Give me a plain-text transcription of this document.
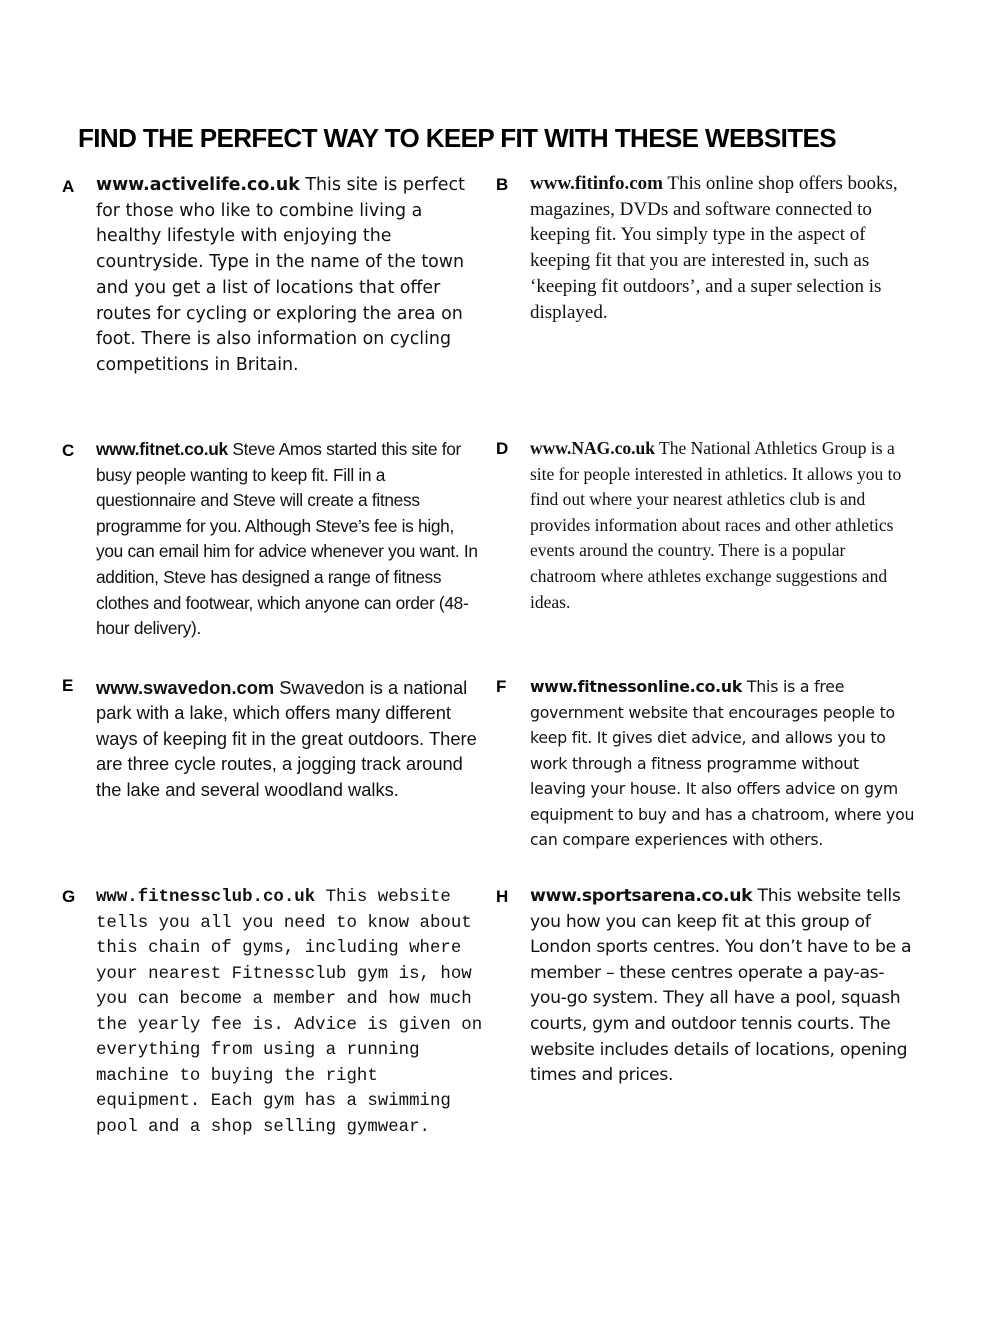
FIND THE PERFECT WAY TO KEEP FIT WITH THESE WEBSITES
A www.activelife.co.uk This site is perfect for those who like to combine living a healthy lifestyle with enjoying the countryside. Type in the name of the town and you get a list of locations that offer routes for cycling or exploring the area on foot. There is also information on cycling competitions in Britain.
B www.fitinfo.com This online shop offers books, magazines, DVDs and software connected to keeping fit. You simply type in the aspect of keeping fit that you are interested in, such as ‘keeping fit outdoors’, and a super selection is displayed.
C www.fitnet.co.uk Steve Amos started this site for busy people wanting to keep fit. Fill in a questionnaire and Steve will create a fitness programme for you. Although Steve’s fee is high, you can email him for advice whenever you want. In addition, Steve has designed a range of fitness clothes and footwear, which anyone can order (48-hour delivery).
D www.NAG.co.uk The National Athletics Group is a site for people interested in athletics. It allows you to find out where your nearest athletics club is and provides information about races and other athletics events around the country. There is a popular chatroom where athletes exchange suggestions and ideas.
E www.swavedon.com Swavedon is a national park with a lake, which offers many different ways of keeping fit in the great outdoors. There are three cycle routes, a jogging track around the lake and several woodland walks.
F www.fitnessonline.co.uk This is a free government website that encourages people to keep fit. It gives diet advice, and allows you to work through a fitness programme without leaving your house. It also offers advice on gym equipment to buy and has a chatroom, where you can compare experiences with others.
G www.fitnessclub.co.uk This website tells you all you need to know about this chain of gyms, including where your nearest Fitnessclub gym is, how you can become a member and how much the yearly fee is. Advice is given on everything from using a running machine to buying the right equipment. Each gym has a swimming pool and a shop selling gymwear.
H www.sportsarena.co.uk This website tells you how you can keep fit at this group of London sports centres. You don’t have to be a member – these centres operate a pay-as-you-go system. They all have a pool, squash courts, gym and outdoor tennis courts. The website includes details of locations, opening times and prices.
